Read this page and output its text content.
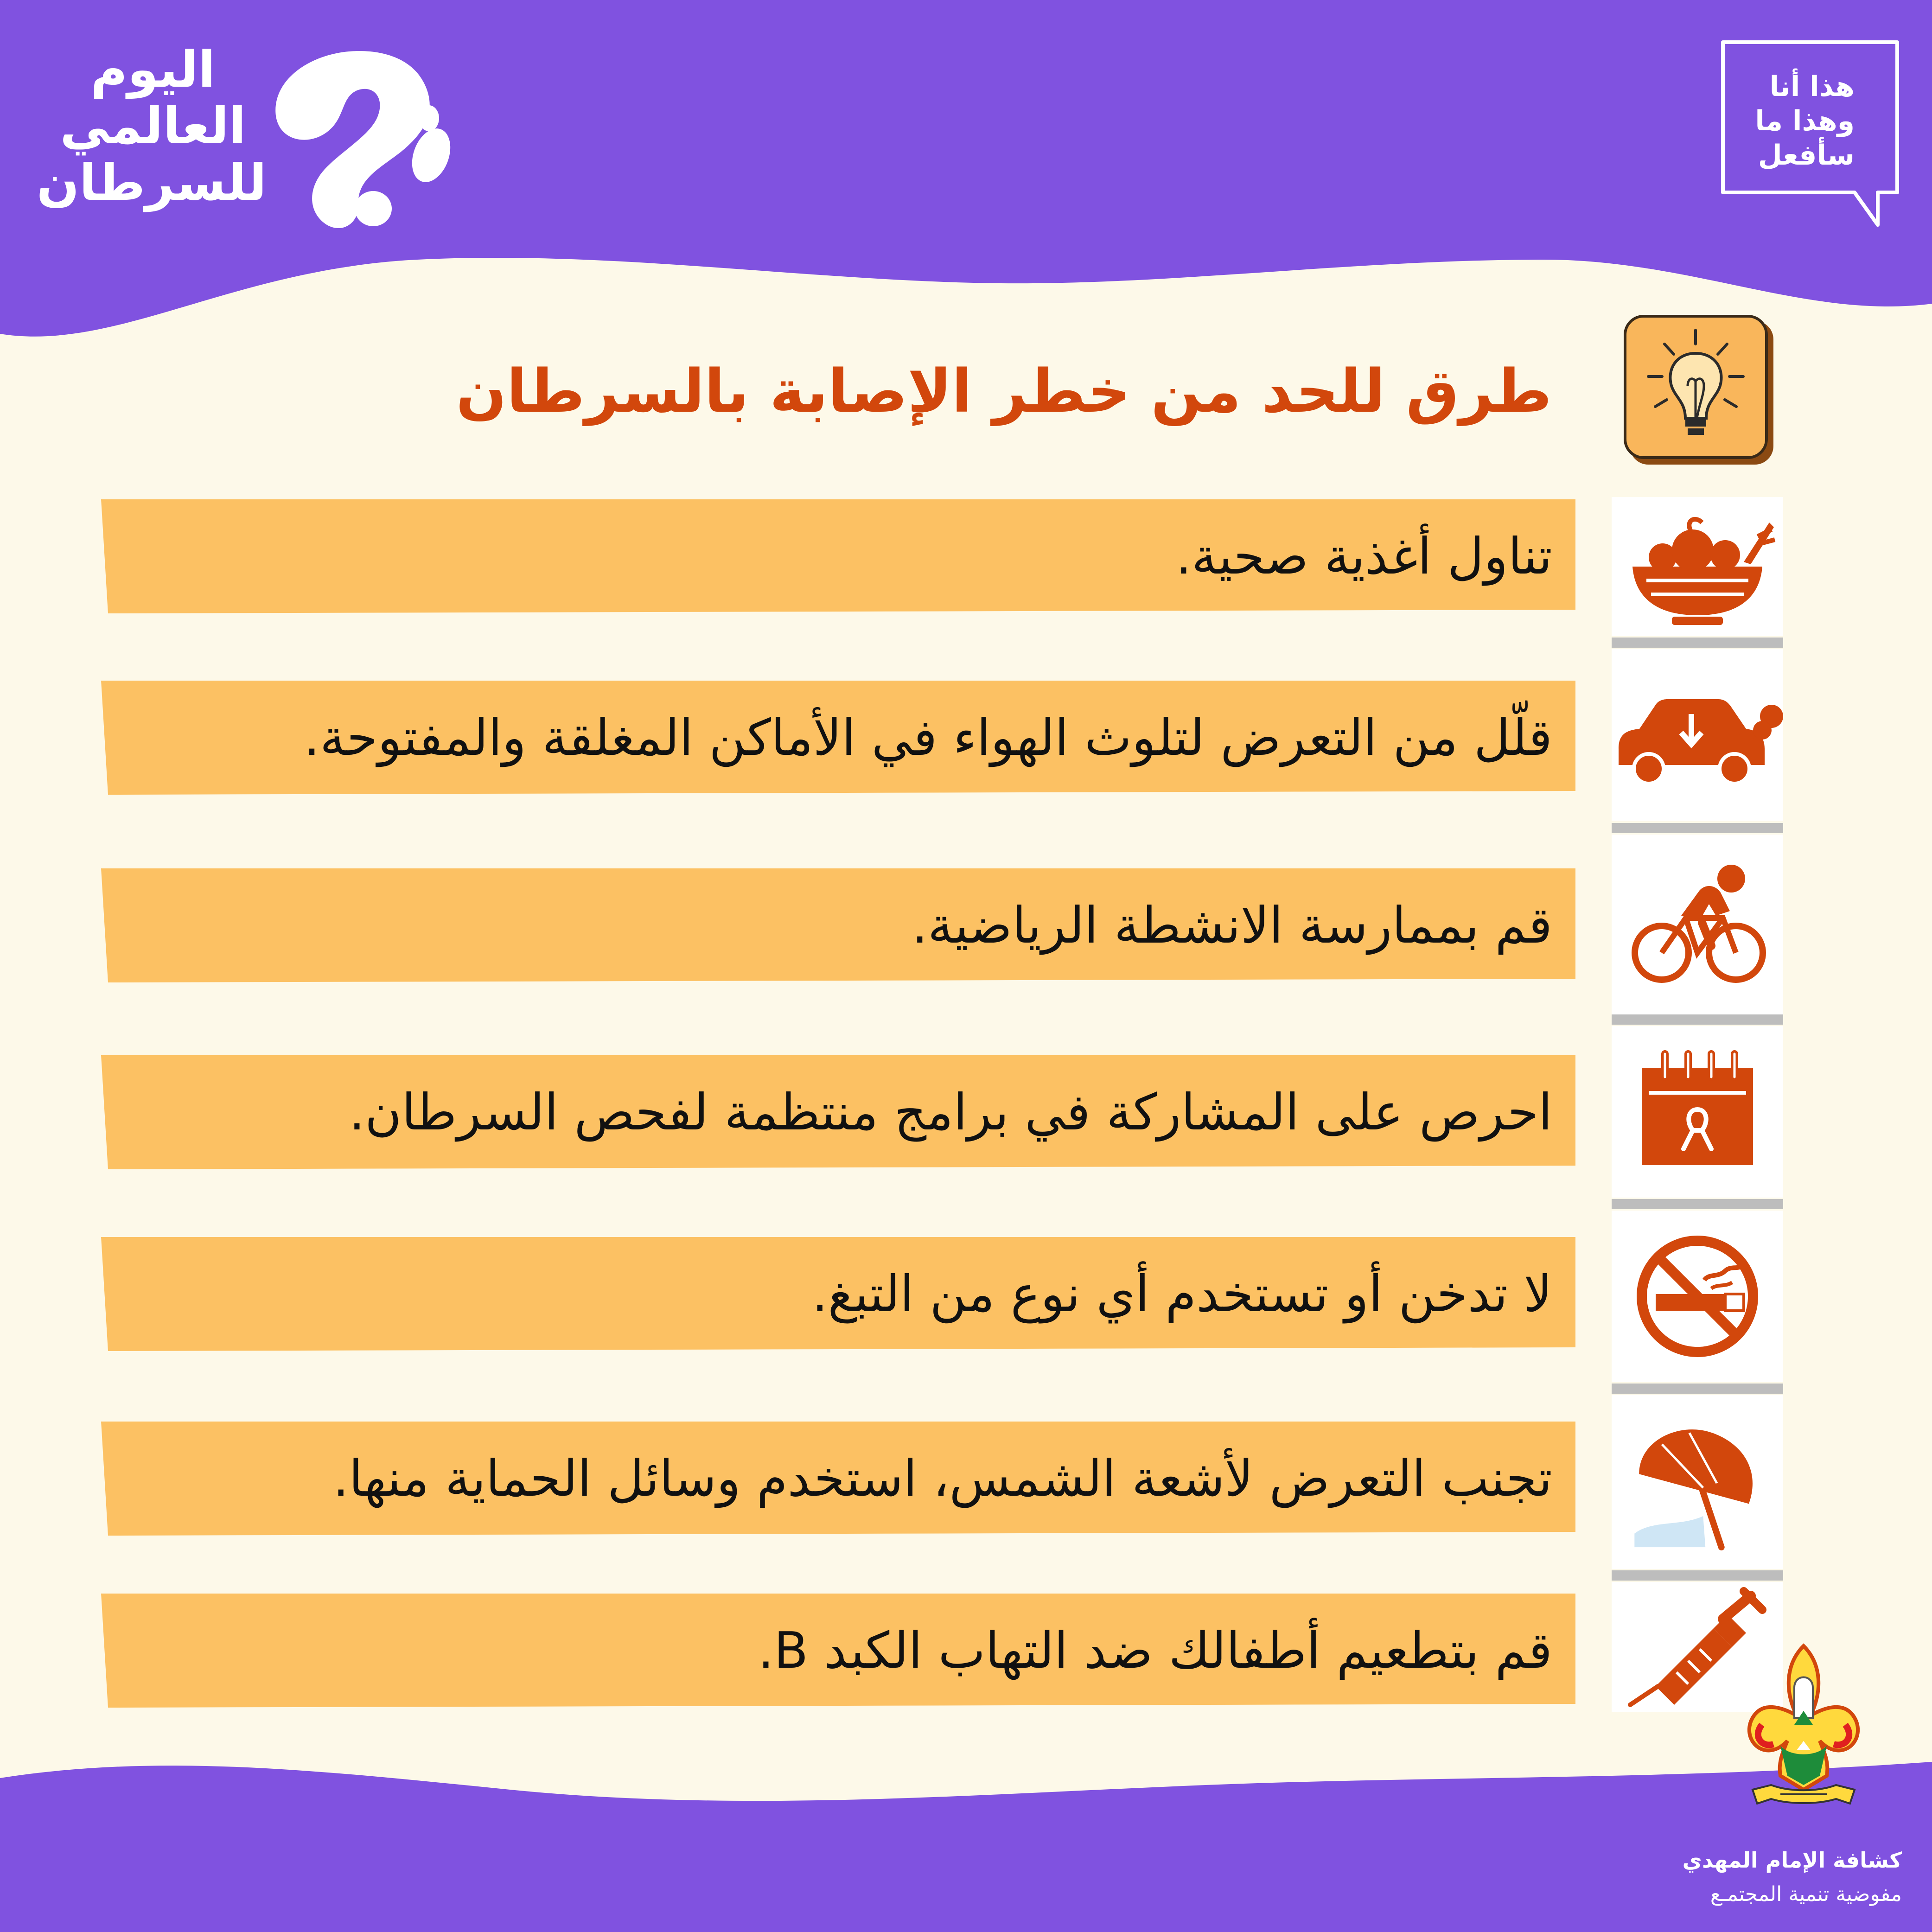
اليوم
العالمي
للسرطان
هذا أنا
وهذا ما
سأفعل
طرق للحد من خطر الإصابة بالسرطان
تناول أغذية صحية.
قلّل من التعرض لتلوث الهواء في الأماكن المغلقة والمفتوحة.
قم بممارسة الانشطة الرياضية.
احرص على المشاركة في برامج منتظمة لفحص السرطان.
لا تدخن أو تستخدم أي نوع من التبغ.
تجنب التعرض لأشعة الشمس، استخدم وسائل الحماية منها.
قم بتطعيم أطفالك ضد التهاب الكبد B.
كشافة الإمام المهدي
مفوضية تنمية المجتمـع
